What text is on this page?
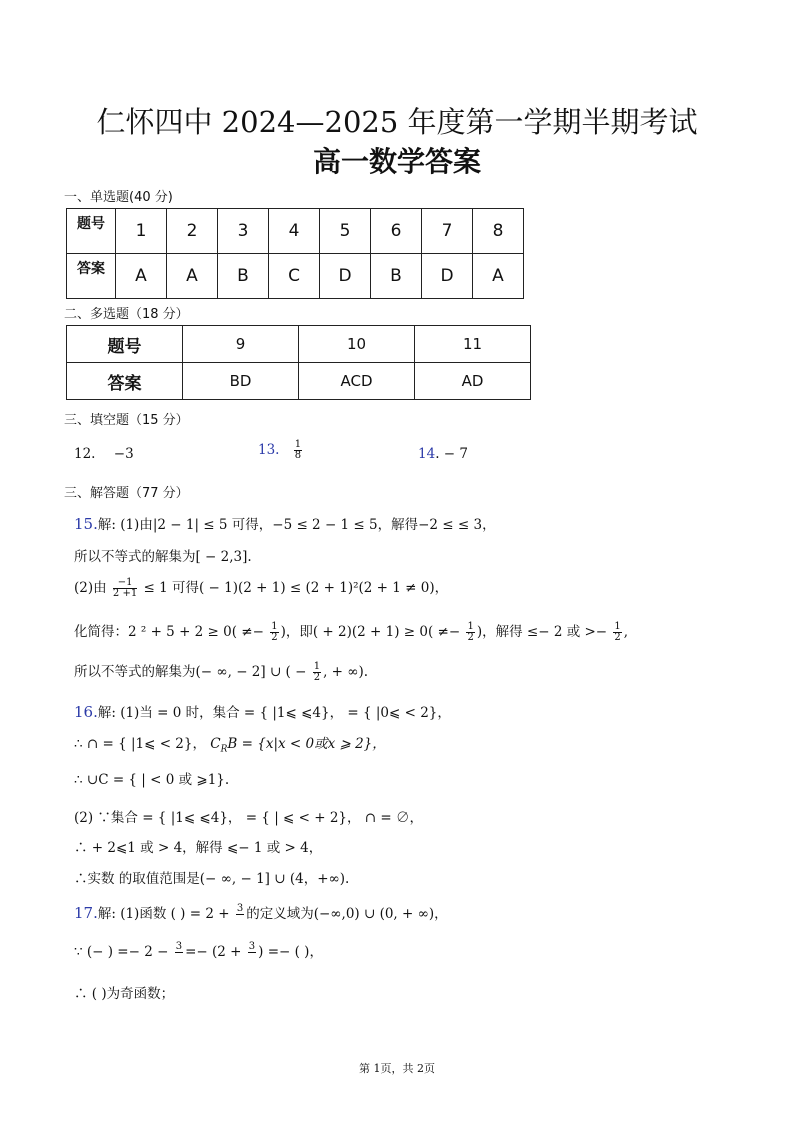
仁怀四中 2024—2025 年度第一学期半期考试
高一数学答案
一、单选题(40 分)
题号	1	2	3	4	5	6	7	8
答案	A	A	B	C	D	B	D	A
二、多选题（18 分）
题号	9	10	11
答案	BD	ACD	AD
三、填空题（15 分）
12. −3	13. $\frac{1}{8}$	14. − 7
三、解答题（77 分）
15.解: (1)由|2 − 1| ≤ 5 可得，−5 ≤ 2 − 1 ≤ 5，解得−2 ≤ ≤ 3，
所以不等式的解集为[ − 2,3].
(2)由 $\frac{-1}{2 +1} \le 1$ 可得( − 1)(2 + 1) ≤ (2 + 1)²(2 + 1 ≠ 0)，
化简得：2 $^2 + 5 + 2 \ge 0( \ne- \frac{1}{2}$ )，即( + $2)(2 + 1) \ge 0( \ne- \frac{1}{2}$ )，解得 ≤− 2 或 >− $\frac{1}{2}$ ,
所以不等式的解集为(− ∞, − 2] ∪ ( − $\frac{1}{2}$ , + ∞).
16.解: (1)当 = 0 时，集合 = { |1⩽ ⩽4}， = { |0⩽ < 2}，
∴ ∩ = { |1⩽ < 2}， $C_RB = \{x|x < 0$或x ⩾ 2}，
∴ ∪C = { | < 0 或 ⩾1}.
(2) ∵集合 = { |1⩽ ⩽4}， = { | ⩽ < + 2}， ∩ = ∅，
∴ + 2⩽1 或 > 4，解得 ⩽− 1 或 > 4，
∴实数 的取值范围是(− ∞, − 1] ∪ (4，+∞).
17.解: (1)函数 ( ) = 2 + 3 的定义域为(−∞,0) ∪ (0, + ∞)，
∵ (− ) =− 2 − 3 =− (2 + 3 ) =− ( )，
∴ ( )为奇函数；
第 1页，共 2页
